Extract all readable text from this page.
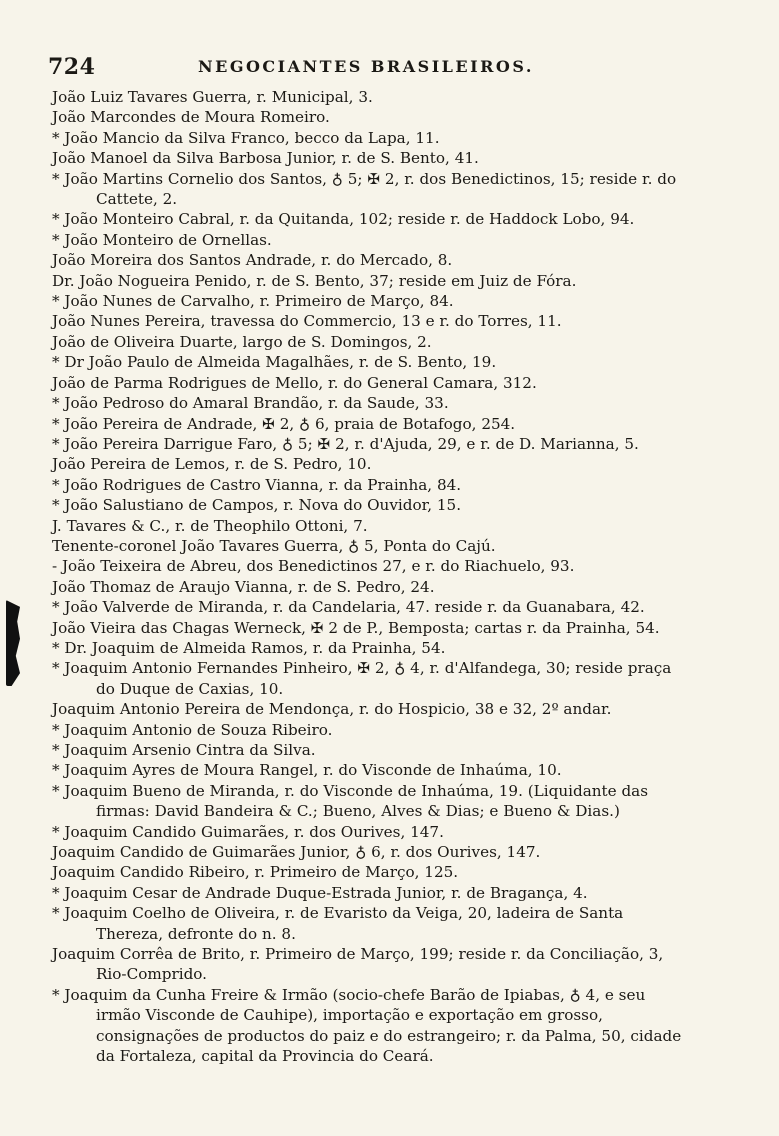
724	NEGOCIANTES BRASILEIROS.
João Luiz Tavares Guerra, r. Municipal, 3.
João Marcondes de Moura Romeiro.
* João Mancio da Silva Franco, becco da Lapa, 11.
João Manoel da Silva Barbosa Junior, r. de S. Bento, 41.
* João Martins Cornelio dos Santos, ♁ 5; ✠ 2, r. dos Benedictinos, 15; reside r. do Cattete, 2.
* João Monteiro Cabral, r. da Quitanda, 102; reside r. de Haddock Lobo, 94.
* João Monteiro de Ornellas.
João Moreira dos Santos Andrade, r. do Mercado, 8.
Dr. João Nogueira Penido, r. de S. Bento, 37; reside em Juiz de Fóra.
* João Nunes de Carvalho, r. Primeiro de Março, 84.
João Nunes Pereira, travessa do Commercio, 13 e r. do Torres, 11.
João de Oliveira Duarte, largo de S. Domingos, 2.
* Dr João Paulo de Almeida Magalhães, r. de S. Bento, 19.
João de Parma Rodrigues de Mello, r. do General Camara, 312.
* João Pedroso do Amaral Brandão, r. da Saude, 33.
* João Pereira de Andrade, ✠ 2, ♁ 6, praia de Botafogo, 254.
* João Pereira Darrigue Faro, ♁ 5; ✠ 2, r. d'Ajuda, 29, e r. de D. Marianna, 5.
João Pereira de Lemos, r. de S. Pedro, 10.
* João Rodrigues de Castro Vianna, r. da Prainha, 84.
* João Salustiano de Campos, r. Nova do Ouvidor, 15.
J. Tavares & C., r. de Theophilo Ottoni, 7.
Tenente-coronel João Tavares Guerra, ♁ 5, Ponta do Cajú.
- João Teixeira de Abreu, dos Benedictinos 27, e r. do Riachuelo, 93.
João Thomaz de Araujo Vianna, r. de S. Pedro, 24.
* João Valverde de Miranda, r. da Candelaria, 47. reside r. da Guanabara, 42.
João Vieira das Chagas Werneck, ✠ 2 de P., Bemposta; cartas r. da Prainha, 54.
* Dr. Joaquim de Almeida Ramos, r. da Prainha, 54.
* Joaquim Antonio Fernandes Pinheiro, ✠ 2, ♁ 4, r. d'Alfandega, 30; reside praça do Duque de Caxias, 10.
Joaquim Antonio Pereira de Mendonça, r. do Hospicio, 38 e 32, 2º andar.
* Joaquim Antonio de Souza Ribeiro.
* Joaquim Arsenio Cintra da Silva.
* Joaquim Ayres de Moura Rangel, r. do Visconde de Inhaúma, 10.
* Joaquim Bueno de Miranda, r. do Visconde de Inhaúma, 19. (Liquidante das firmas: David Bandeira & C.; Bueno, Alves & Dias; e Bueno & Dias.)
* Joaquim Candido Guimarães, r. dos Ourives, 147.
Joaquim Candido de Guimarães Junior, ♁ 6, r. dos Ourives, 147.
Joaquim Candido Ribeiro, r. Primeiro de Março, 125.
* Joaquim Cesar de Andrade Duque-Estrada Junior, r. de Bragança, 4.
* Joaquim Coelho de Oliveira, r. de Evaristo da Veiga, 20, ladeira de Santa Thereza, defronte do n. 8.
Joaquim Corrêa de Brito, r. Primeiro de Março, 199; reside r. da Conciliação, 3, Rio-Comprido.
* Joaquim da Cunha Freire & Irmão (socio-chefe Barão de Ipiabas, ♁ 4, e seu irmão Visconde de Cauhipe), importação e exportação em grosso, consignações de productos do paiz e do estrangeiro; r. da Palma, 50, cidade da Fortaleza, capital da Provincia do Ceará.
